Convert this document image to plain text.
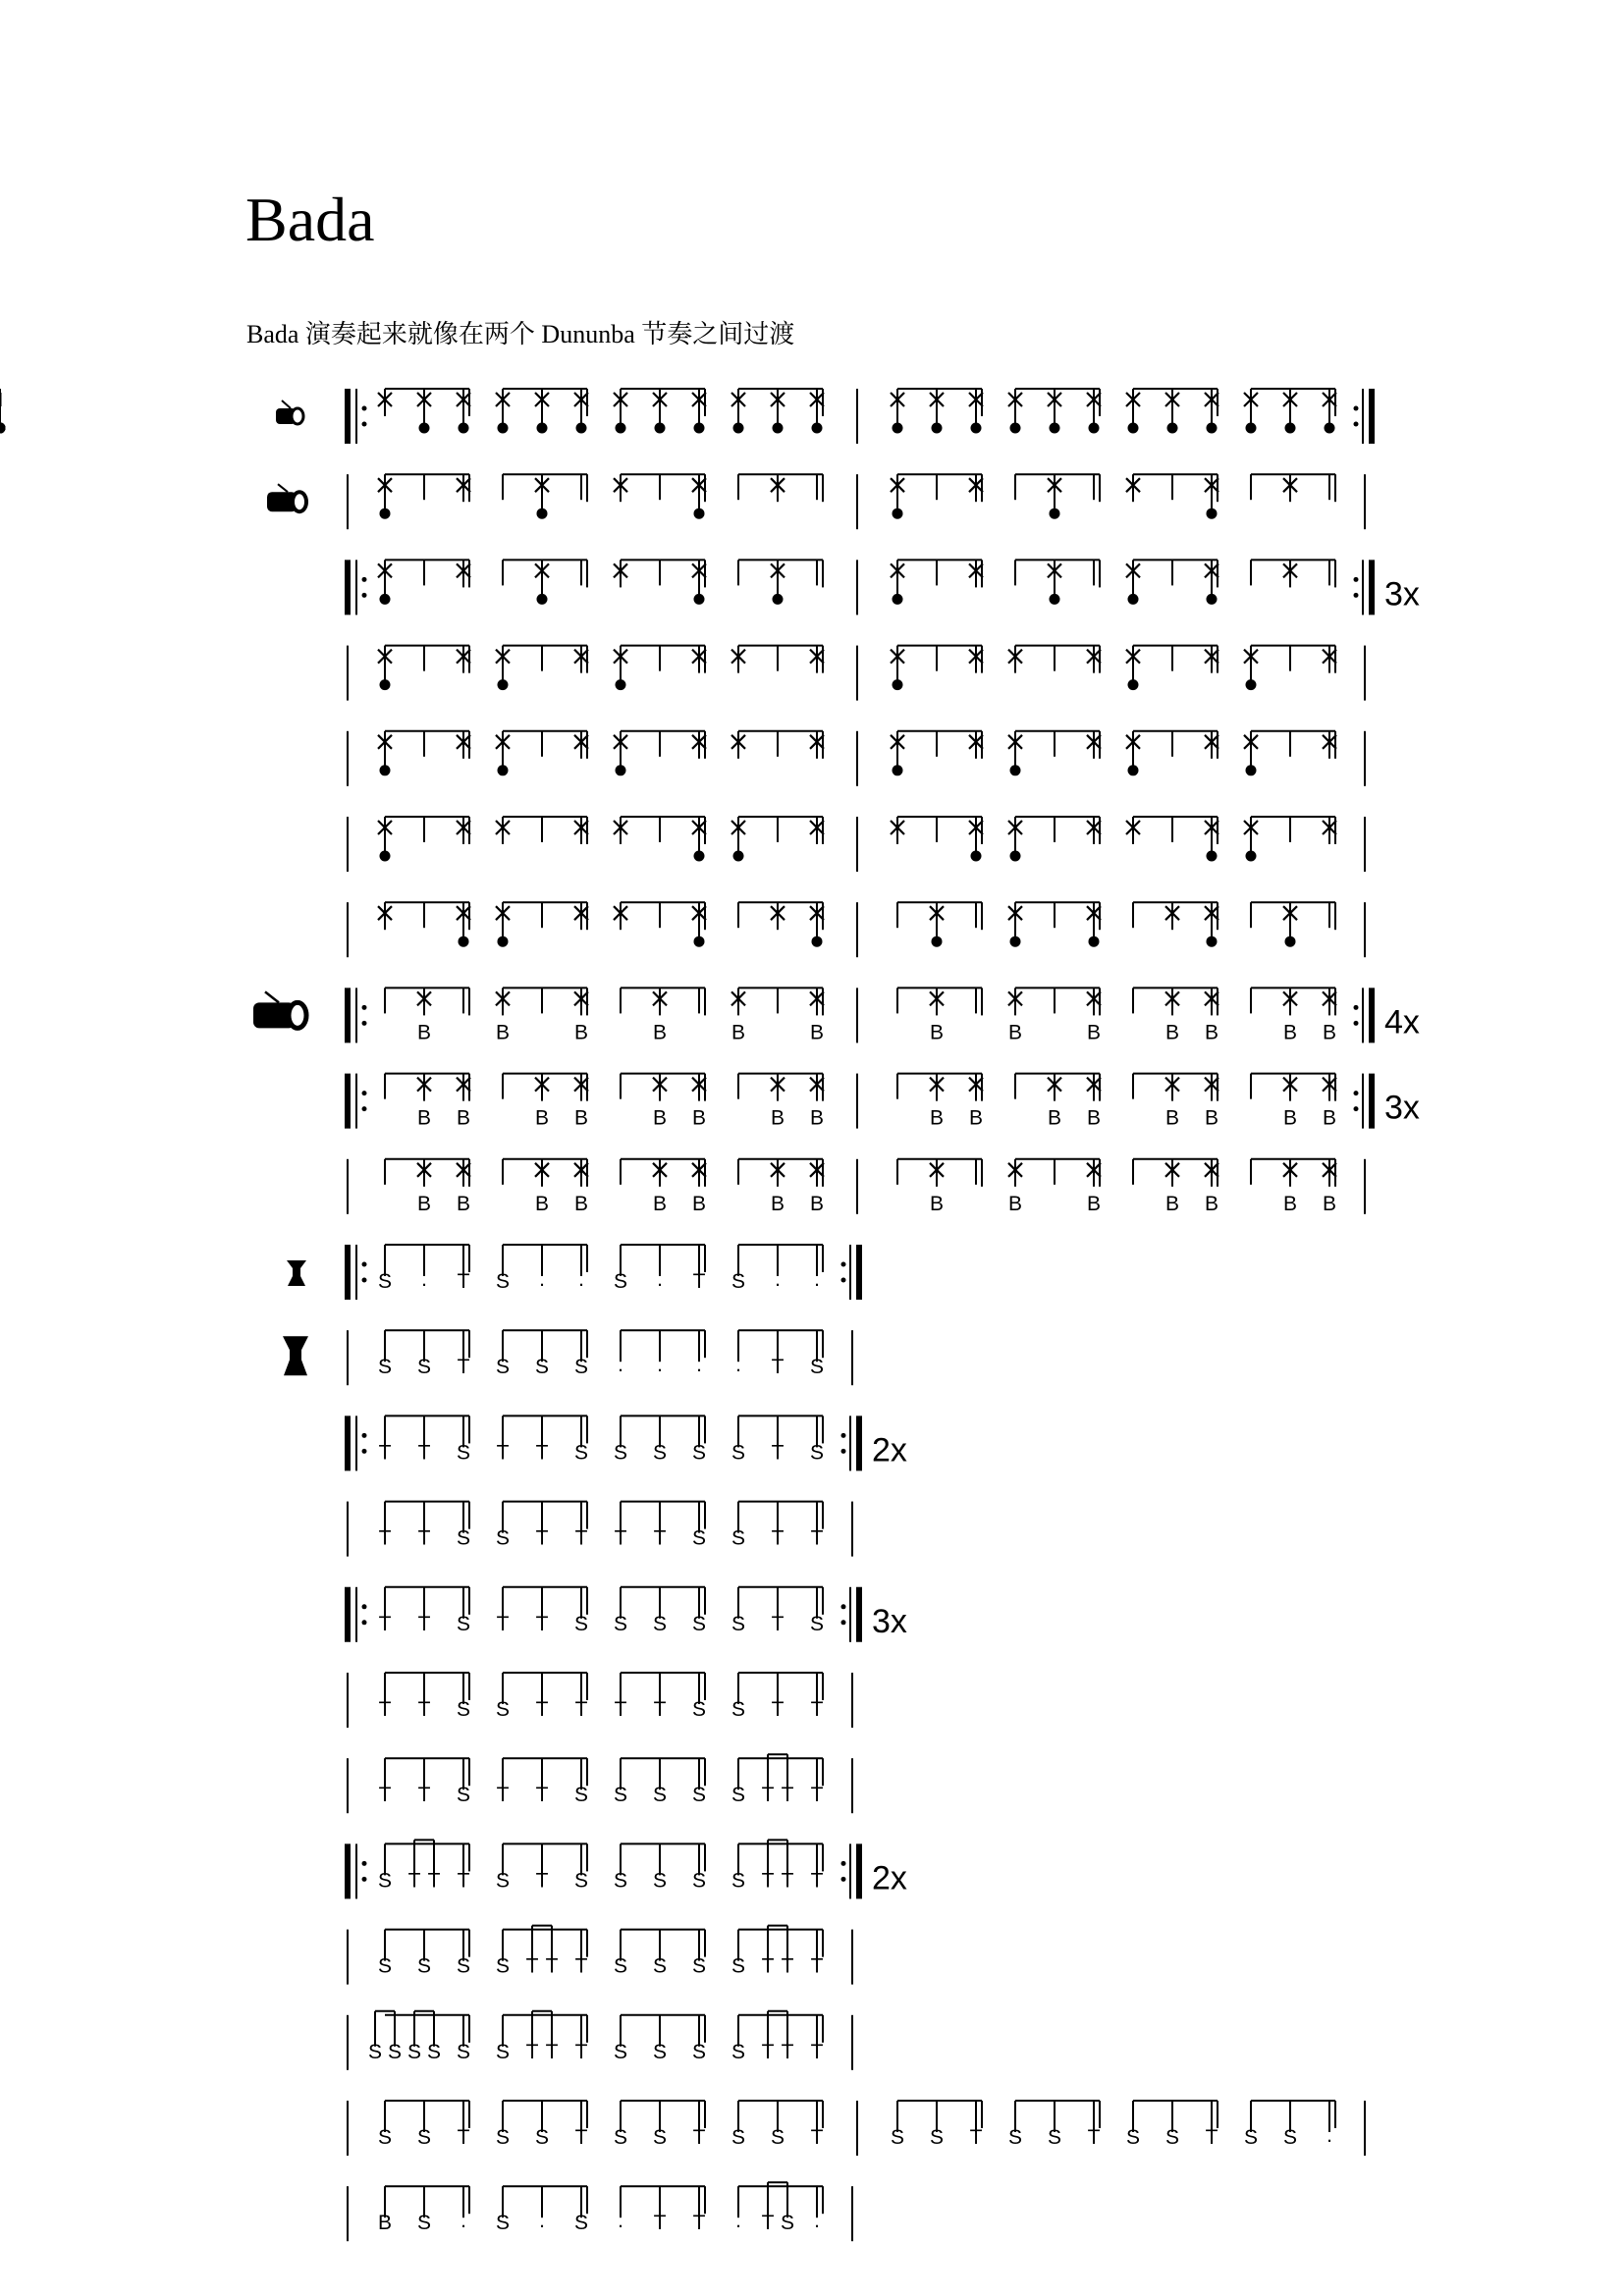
Bada
Bada 演奏起来就像在两个 Dununba 节奏之间过渡
3x
B	B	B	B	B	B	B	B	B	B B	B B 4x
B B	B B	B B	B B	B B	B B	B B	B B 3x
B B	B B	B B	B B	B	B	B	B B	B B
S . T S . . S . T S . .
S S T S S S . . . . T S
T T S T T S S S S S T S 2x
T T S S T T T T S S T T
T T S T T S S S S S T S 3x
T T S S T T T T S S T T
T T S T T S S S S S T T T
S T T T S T S S S S S T T T 2x
S S S S T T T S S S S T T T
S S S S S S T T T S S S S T T T
S S T S S T S S T S S T	S S T S S T S S T S S .
B S . S . S . T T . T S .
